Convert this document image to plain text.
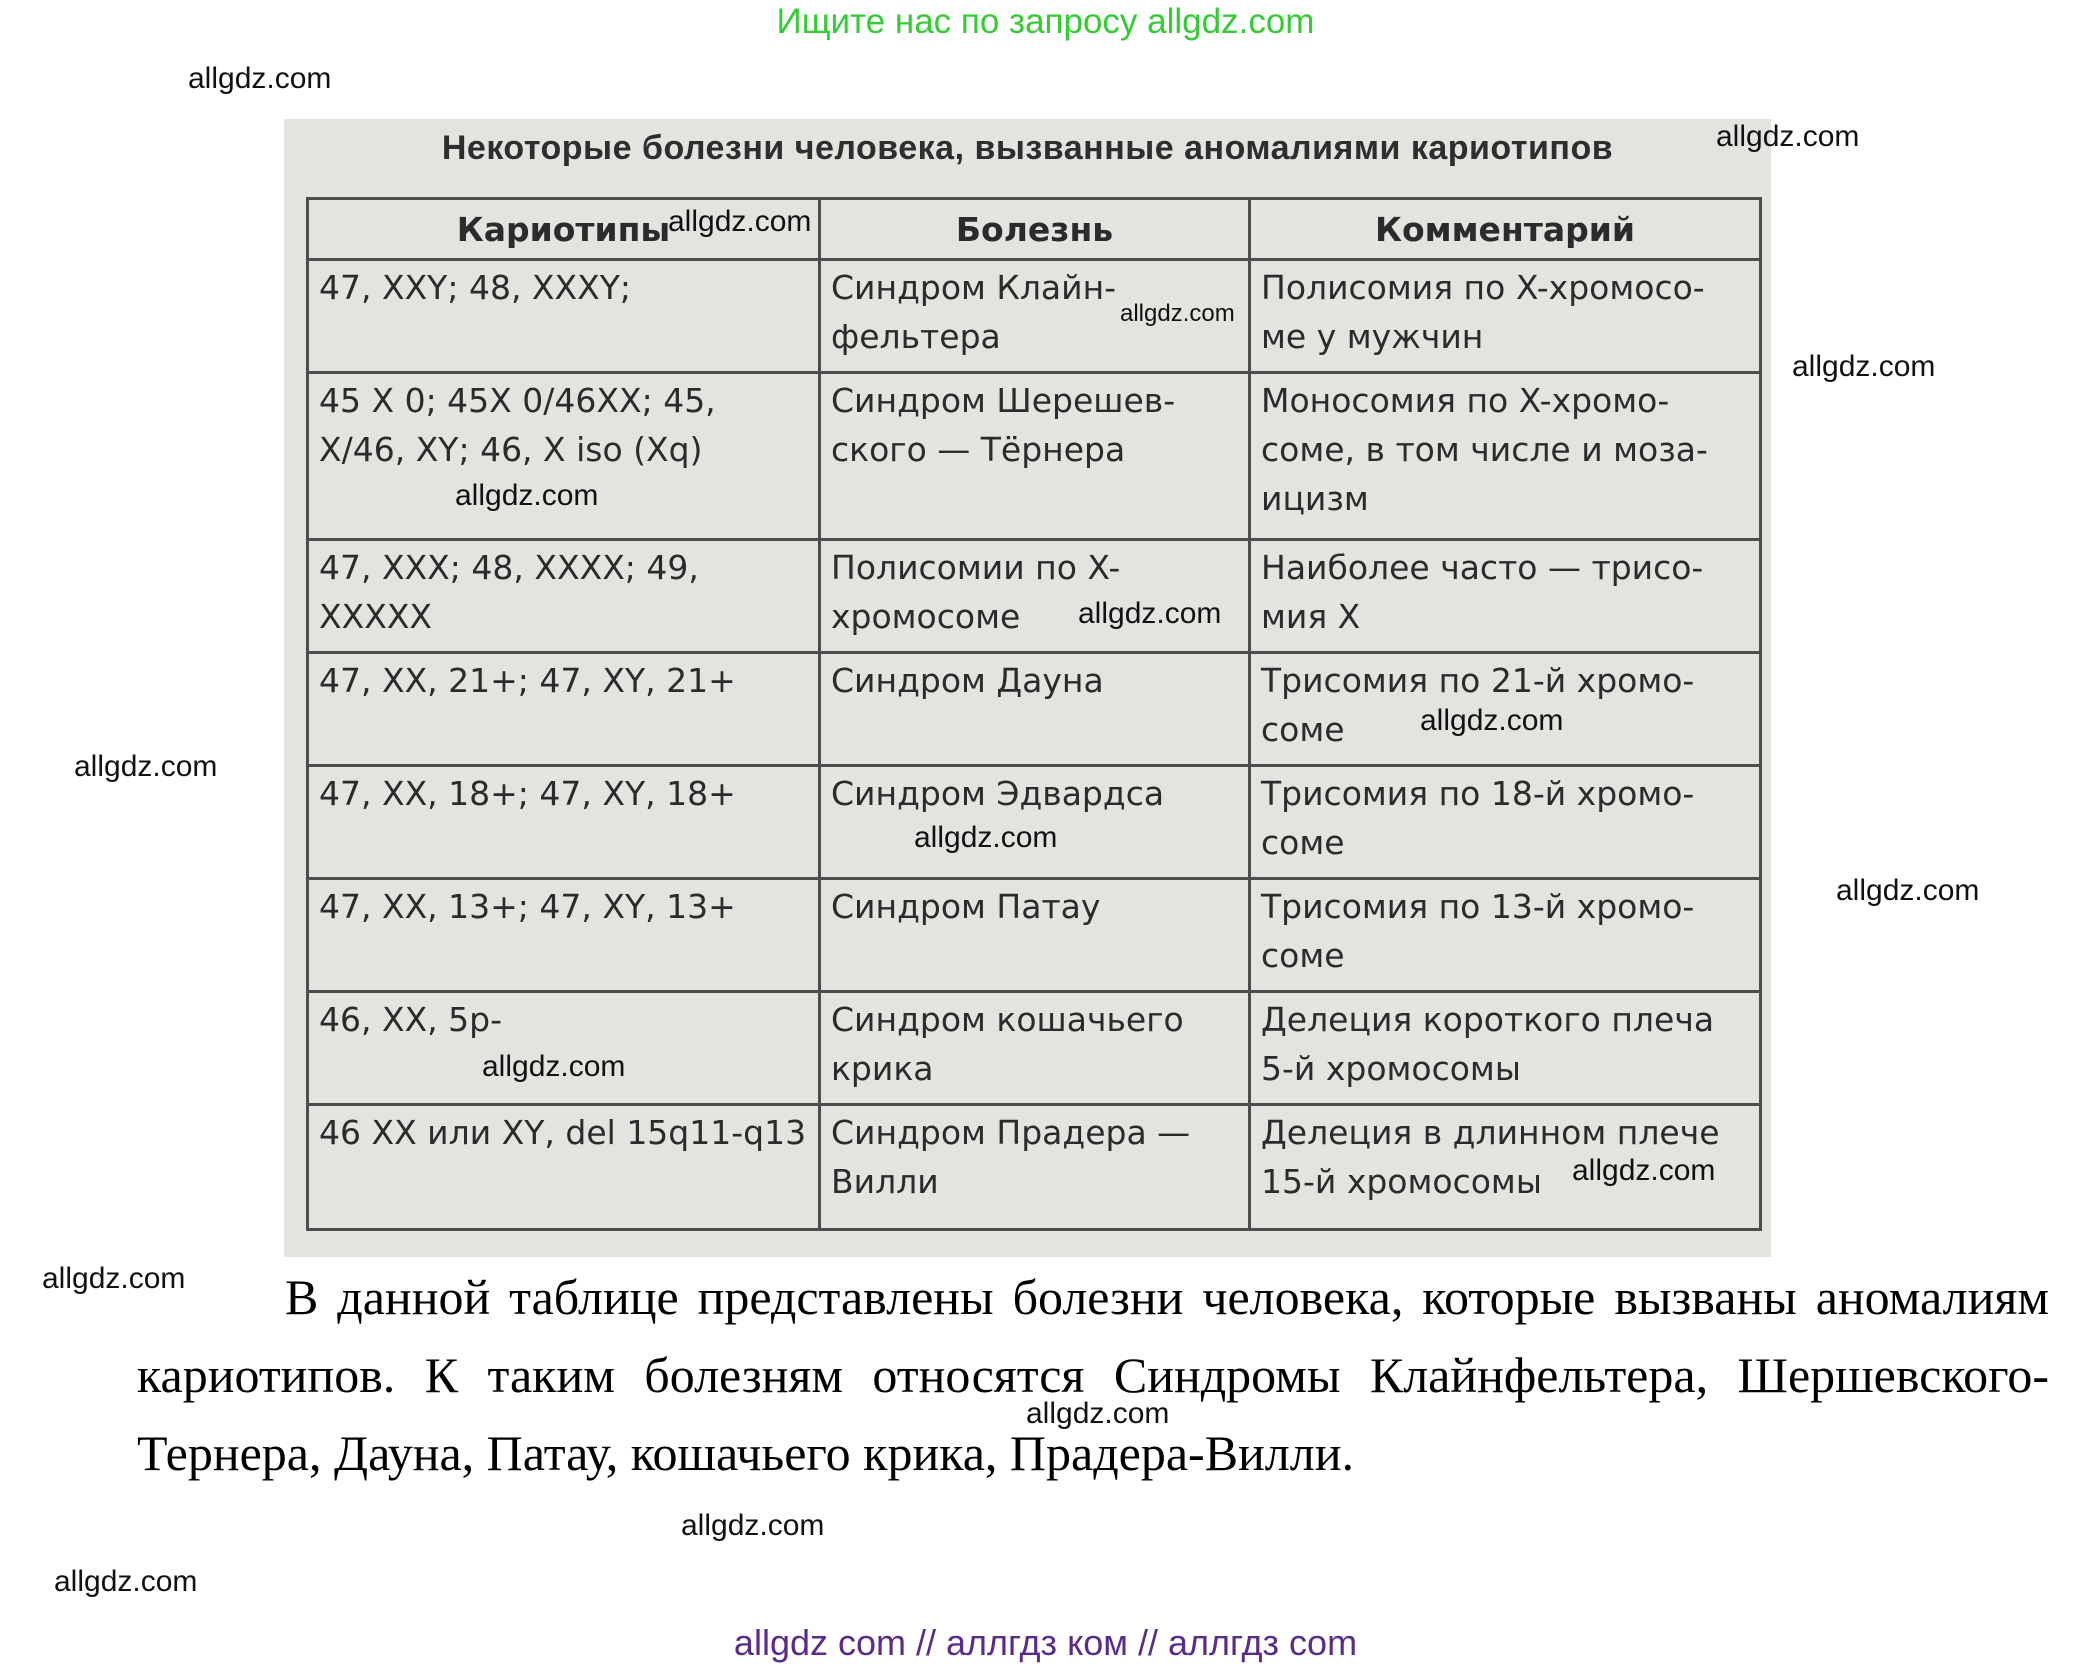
Ищите нас по запросу allgdz.com
Некоторые болезни человека, вызванные аномалиями кариотипов
Кариотипы	Болезнь	Комментарий
47, XXY; 48, XXXY;	Синдром Клайн-фельтера	Полисомия по X-хромосо-ме у мужчин
45 X 0; 45X 0/46XX; 45, X/46, XY; 46, X iso (Xq)	Синдром Шерешев-ского — Тёрнера	Моносомия по X-хромо-соме, в том числе и моза-ицизм
47, XXX; 48, XXXX; 49, XXXXX	Полисомии по X-хромосоме	Наиболее часто — трисо-мия X
47, XX, 21+; 47, XY, 21+	Синдром Дауна	Трисомия по 21-й хромо-соме
47, XX, 18+; 47, XY, 18+	Синдром Эдвардса	Трисомия по 18-й хромо-соме
47, XX, 13+; 47, XY, 13+	Синдром Патау	Трисомия по 13-й хромо-соме
46, XX, 5p-	Синдром кошачьего крика	Делеция короткого плеча 5-й хромосомы
46 XX или XY, del 15q11-q13	Синдром Прадера — Вилли	Делеция в длинном плече 15-й хромосомы
В данной таблице представлены болезни человека, которые вызваны аномалиям кариотипов. К таким болезням относятся Синдромы Клайнфельтера, Шершевского-Тернера, Дауна, Патау, кошачьего крика, Прадера-Вилли.
allgdz com // аллгдз ком // аллгдз com
allgdz.com
allgdz.com
allgdz.com
allgdz.com
allgdz.com
allgdz.com
allgdz.com
allgdz.com
allgdz.com
allgdz.com
allgdz.com
allgdz.com
allgdz.com
allgdz.com
allgdz.com
allgdz.com
allgdz.com
